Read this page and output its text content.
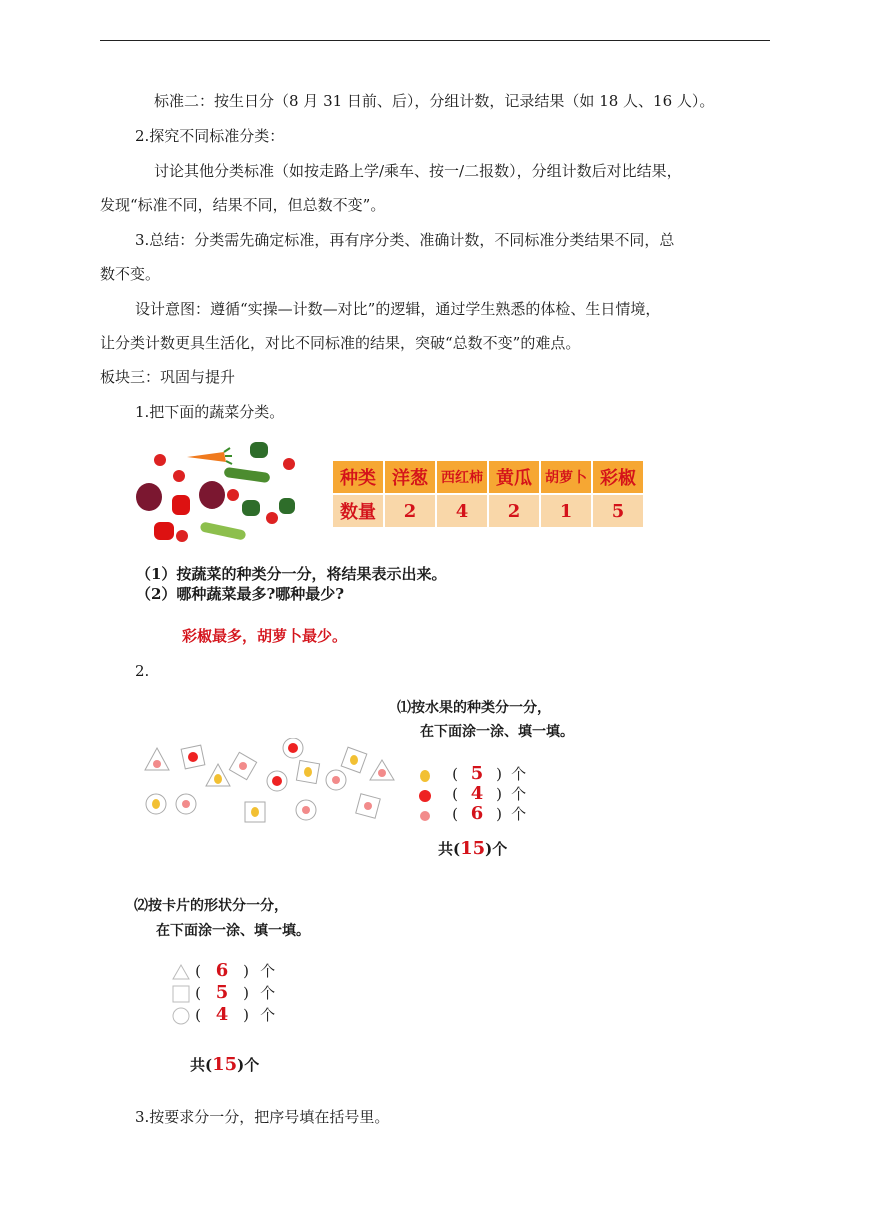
标准二：按生日分（8 月 31 日前、后），分组计数，记录结果（如 18 人、16 人）。
2.探究不同标准分类：
讨论其他分类标准（如按走路上学/乘车、按一/二报数），分组计数后对比结果，
发现“标准不同，结果不同，但总数不变”。
3.总结：分类需先确定标准，再有序分类、准确计数，不同标准分类结果不同，总
数不变。
设计意图：遵循“实操—计数—对比”的逻辑，通过学生熟悉的体检、生日情境，
让分类计数更具生活化，对比不同标准的结果，突破“总数不变”的难点。
板块三：巩固与提升
1.把下面的蔬菜分类。
种类	洋葱	西红柿	黄瓜	胡萝卜	彩椒
数量	2	4	2	1	5
（1）按蔬菜的种类分一分，将结果表示出来。
（2）哪种蔬菜最多?哪种最少?
彩椒最多，胡萝卜最少。
2.
⑴按水果的种类分一分，
在下面涂一涂、填一填。
( 5 ) 个
( 4 ) 个
( 6 ) 个
共(15)个
⑵按卡片的形状分一分，
在下面涂一涂、填一填。
( 6 ) 个
( 5 ) 个
( 4 ) 个
共(15)个
3.按要求分一分，把序号填在括号里。
